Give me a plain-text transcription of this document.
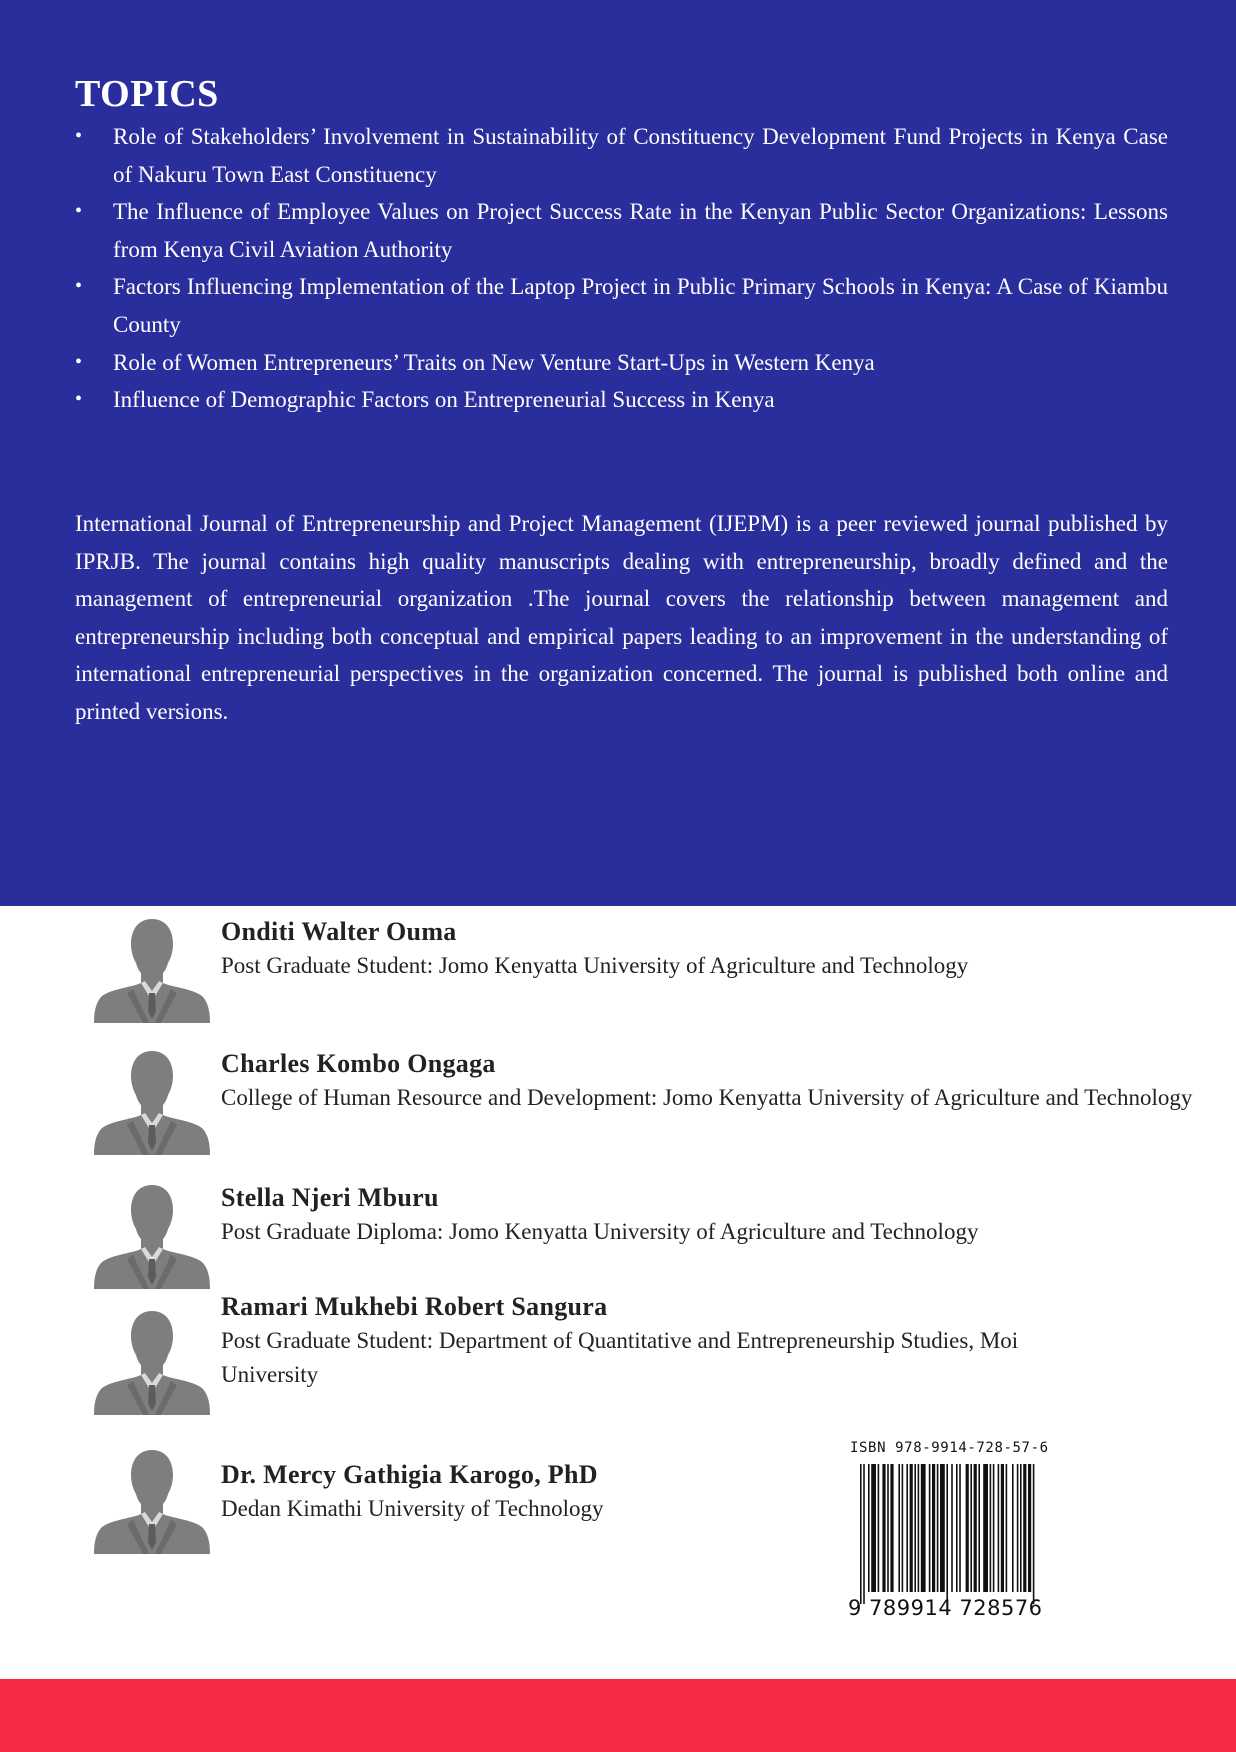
TOPICS
• Role of Stakeholders’ Involvement in Sustainability of Constituency Development Fund Projects in Kenya Case of Nakuru Town East Constituency
• The Influence of Employee Values on Project Success Rate in the Kenyan Public Sector Organizations: Lessons from Kenya Civil Aviation Authority
• Factors Influencing Implementation of the Laptop Project in Public Primary Schools in Kenya: A Case of Kiambu County
• Role of Women Entrepreneurs’ Traits on New Venture Start-Ups in Western Kenya
• Influence of Demographic Factors on Entrepreneurial Success in Kenya

International Journal of Entrepreneurship and Project Management (IJEPM) is a peer reviewed journal published by IPRJB. The journal contains high quality manuscripts dealing with entrepreneurship, broadly defined and the management of entrepreneurial organization .The journal covers the relationship between management and entrepreneurship including both conceptual and empirical papers leading to an improvement in the understanding of international entrepreneurial perspectives in the organization concerned. The journal is published both online and printed versions.

Onditi Walter Ouma
Post Graduate Student: Jomo Kenyatta University of Agriculture and Technology
Charles Kombo Ongaga
College of Human Resource and Development: Jomo Kenyatta University of Agriculture and Technology
Stella Njeri Mburu
Post Graduate Diploma: Jomo Kenyatta University of Agriculture and Technology
Ramari Mukhebi Robert Sangura
Post Graduate Student: Department of Quantitative and Entrepreneurship Studies, Moi University
Dr. Mercy Gathigia Karogo, PhD
Dedan Kimathi University of Technology
ISBN 978-9914-728-57-6
9 789914 728576
